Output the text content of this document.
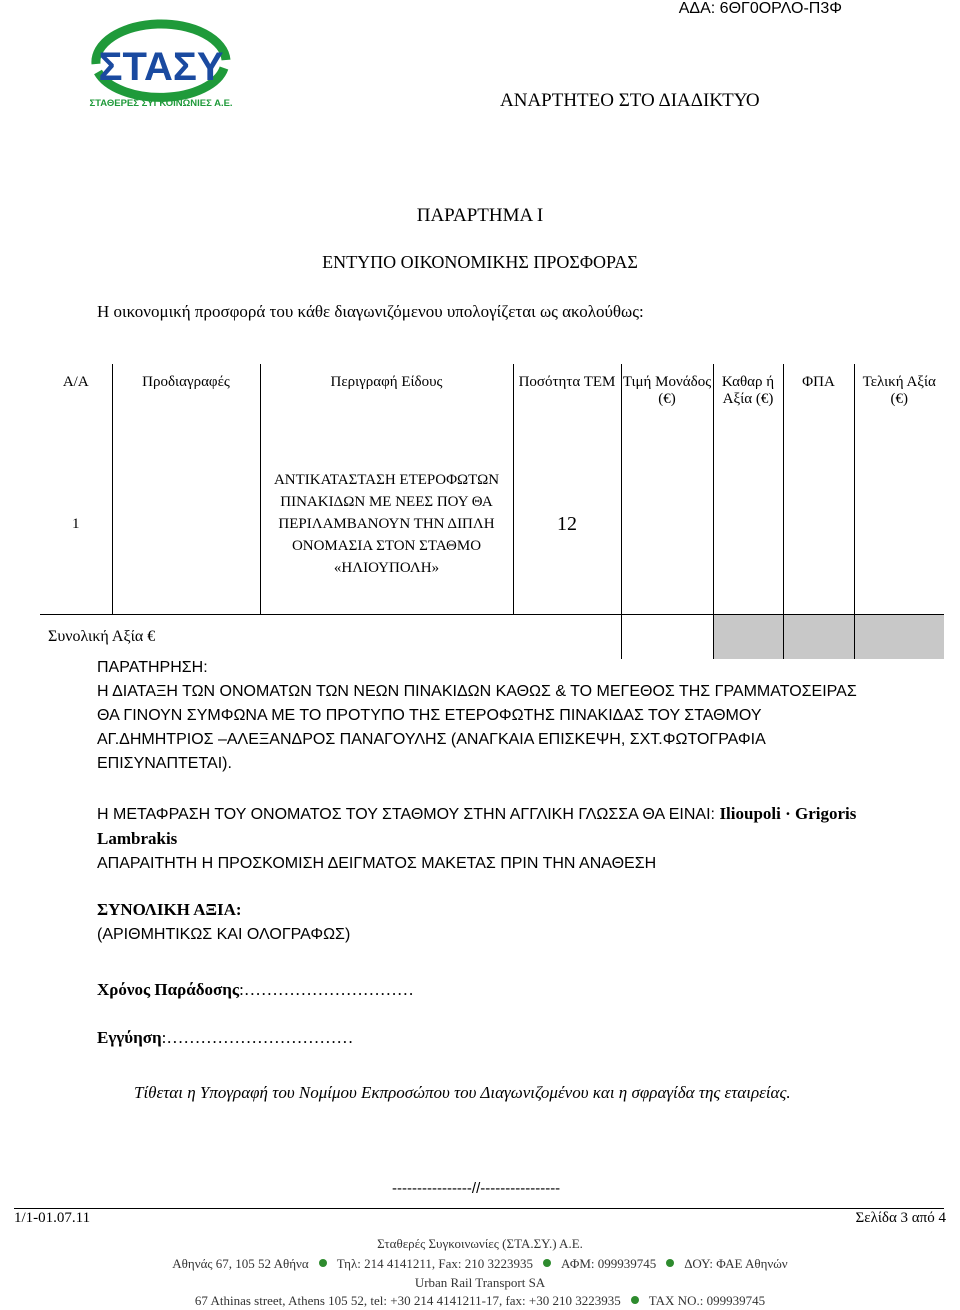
ΑΔΑ: 6ΘΓ0ΟΡΛΟ-Π3Φ
ΣΤΑΣΥ
ΣΤΑΘΕΡΕΣ ΣΥΓΚΟΙΝΩΝΙΕΣ Α.Ε.	ΑΝΑΡΤΗΤΕΟ ΣΤΟ ΔΙΑΔΙΚΤΥΟ
ΠΑΡΑΡΤΗΜΑ Ι
ΕΝΤΥΠΟ ΟΙΚΟΝΟΜΙΚΗΣ ΠΡΟΣΦΟΡΑΣ
Η οικονομική προσφορά του κάθε διαγωνιζόμενου υπολογίζεται ως ακολούθως:
Α/Α	Προδιαγραφές	Περιγραφή Είδους	Ποσότητα ΤΕΜ	Τιμή Μονάδος (€)	Καθαρ ή Αξία (€)	ΦΠΑ	Τελική Αξία (€)
1		ΑΝΤΙΚΑΤΑΣΤΑΣΗ ΕΤΕΡΟΦΩΤΩΝ ΠΙΝΑΚΙΔΩΝ ΜΕ ΝΕΕΣ ΠΟΥ ΘΑ ΠΕΡΙΛΑΜΒΑΝΟΥΝ ΤΗΝ ΔΙΠΛΗ ΟΝΟΜΑΣΙΑ ΣΤΟΝ ΣΤΑΘΜΟ «ΗΛΙΟΥΠΟΛΗ»	12				
Συνολική Αξία €							
ΠΑΡΑΤΗΡΗΣΗ:
Η ΔΙΑΤΑΞΗ ΤΩΝ ΟΝΟΜΑΤΩΝ ΤΩΝ ΝΕΩΝ ΠΙΝΑΚΙΔΩΝ ΚΑΘΩΣ & ΤΟ ΜΕΓΕΘΟΣ ΤΗΣ ΓΡΑΜΜΑΤΟΣΕΙΡΑΣ ΘΑ ΓΙΝΟΥΝ ΣΥΜΦΩΝΑ ΜΕ ΤΟ ΠΡΟΤΥΠΟ ΤΗΣ ΕΤΕΡΟΦΩΤΗΣ ΠΙΝΑΚΙΔΑΣ ΤΟΥ ΣΤΑΘΜΟΥ ΑΓ.ΔΗΜΗΤΡΙΟΣ –ΑΛΕΞΑΝΔΡΟΣ ΠΑΝΑΓΟΥΛΗΣ (ΑΝΑΓΚΑΙΑ ΕΠΙΣΚΕΨΗ, ΣΧΤ.ΦΩΤΟΓΡΑΦΙΑ ΕΠΙΣΥΝΑΠΤΕΤΑΙ).
Η ΜΕΤΑΦΡΑΣΗ ΤΟΥ ΟΝΟΜΑΤΟΣ ΤΟΥ ΣΤΑΘΜΟΥ ΣΤΗΝ ΑΓΓΛΙΚΗ ΓΛΩΣΣΑ ΘΑ ΕΙΝΑΙ: Ilioupoli · Grigoris Lambrakis
ΑΠΑΡΑΙΤΗΤΗ Η ΠΡΟΣΚΟΜΙΣΗ ΔΕΙΓΜΑΤΟΣ ΜΑΚΕΤΑΣ ΠΡΙΝ ΤΗΝ ΑΝΑΘΕΣΗ
ΣΥΝΟΛΙΚΗ ΑΞΙΑ:
(ΑΡΙΘΜΗΤΙΚΩΣ ΚΑΙ ΟΛΟΓΡΑΦΩΣ)
Χρόνος Παράδοσης:…………………………
Εγγύηση:……………………………
Τίθεται η Υπογραφή του Νομίμου Εκπροσώπου του Διαγωνιζομένου και η σφραγίδα της εταιρείας.
----------------//----------------
1/1-01.07.11	Σελίδα 3 από 4
Σταθερές Συγκοινωνίες (ΣΤΑ.ΣΥ.) Α.Ε.
Αθηνάς 67, 105 52 Αθήνα Τηλ: 214 4141211, Fax: 210 3223935 ΑΦΜ: 099939745 ΔΟΥ: ΦΑΕ Αθηνών
Urban Rail Transport SA
67 Athinas street, Athens 105 52, tel: +30 214 4141211-17, fax: +30 210 3223935 TAX NO.: 099939745
